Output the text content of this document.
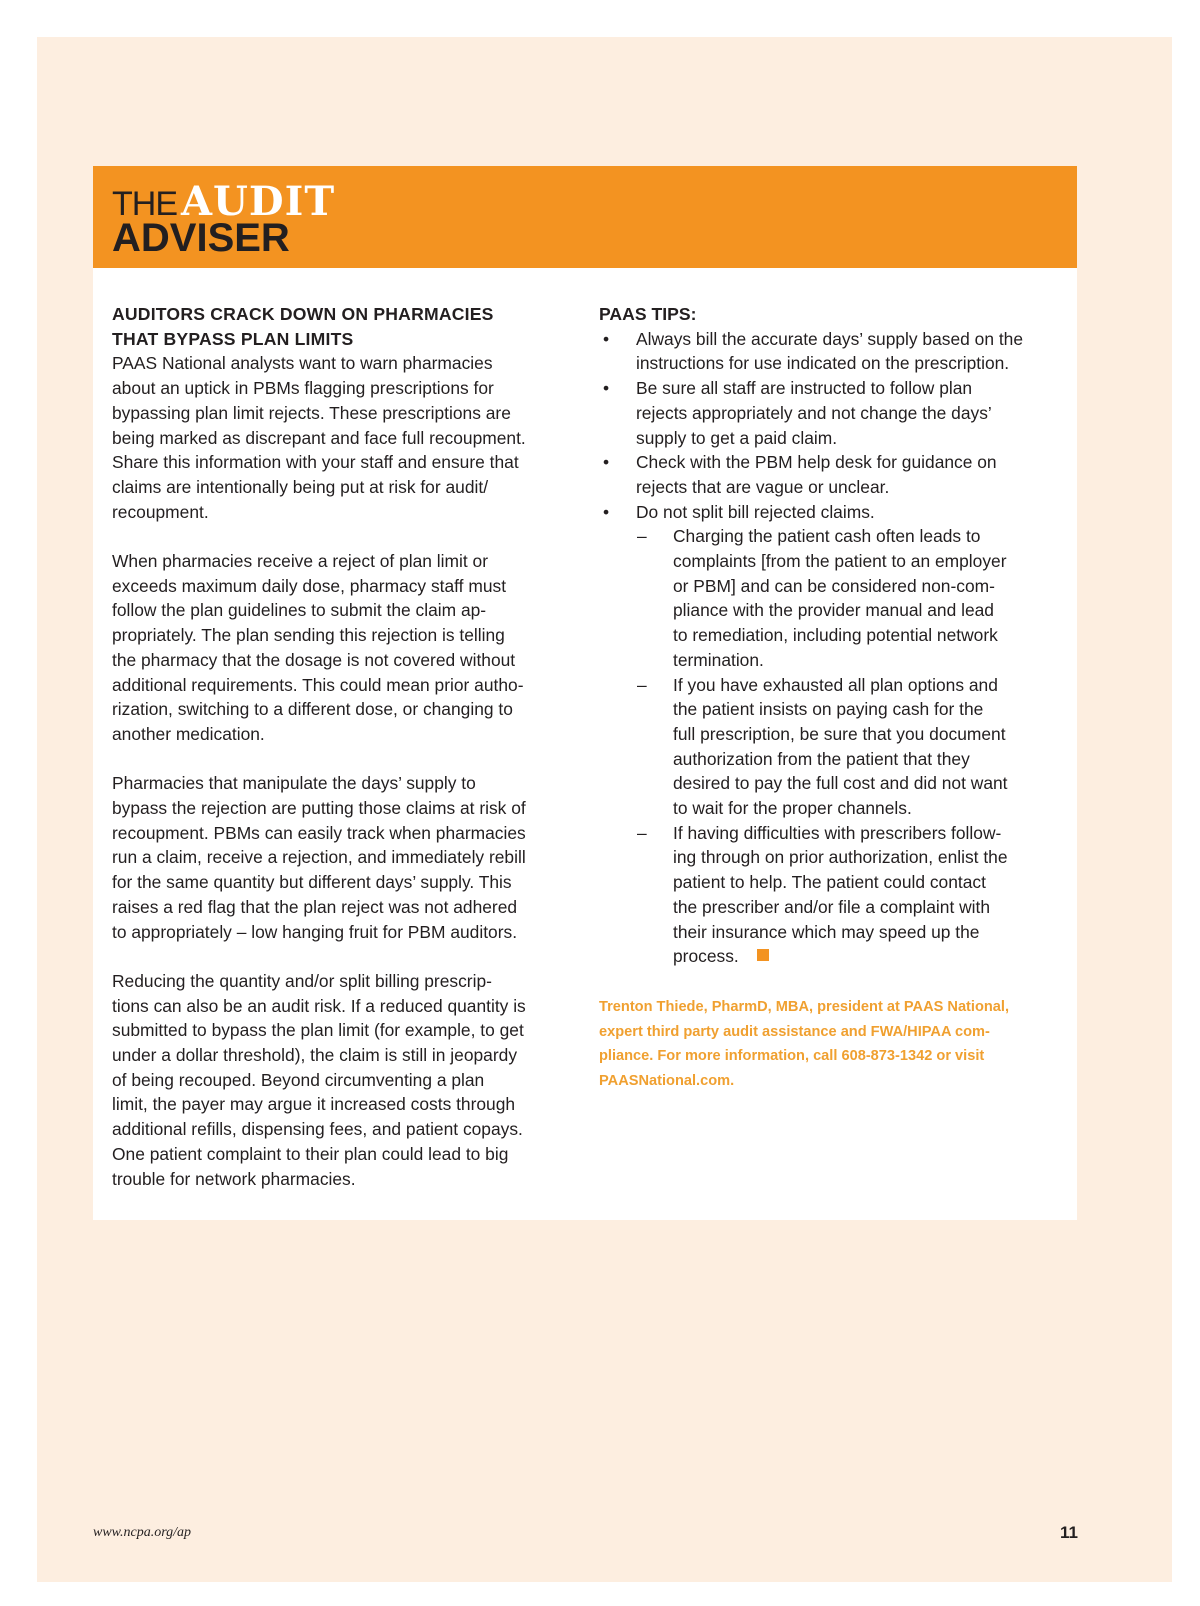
THE AUDIT
ADVISER

AUDITORS CRACK DOWN ON PHARMACIES
THAT BYPASS PLAN LIMITS

PAAS National analysts want to warn pharmacies
about an uptick in PBMs flagging prescriptions for
bypassing plan limit rejects. These prescriptions are
being marked as discrepant and face full recoupment.
Share this information with your staff and ensure that
claims are intentionally being put at risk for audit/
recoupment.

When pharmacies receive a reject of plan limit or
exceeds maximum daily dose, pharmacy staff must
follow the plan guidelines to submit the claim ap-
propriately. The plan sending this rejection is telling
the pharmacy that the dosage is not covered without
additional requirements. This could mean prior autho-
rization, switching to a different dose, or changing to
another medication.

Pharmacies that manipulate the days’ supply to
bypass the rejection are putting those claims at risk of
recoupment. PBMs can easily track when pharmacies
run a claim, receive a rejection, and immediately rebill
for the same quantity but different days’ supply. This
raises a red flag that the plan reject was not adhered
to appropriately – low hanging fruit for PBM auditors.

Reducing the quantity and/or split billing prescrip-
tions can also be an audit risk. If a reduced quantity is
submitted to bypass the plan limit (for example, to get
under a dollar threshold), the claim is still in jeopardy
of being recouped. Beyond circumventing a plan
limit, the payer may argue it increased costs through
additional refills, dispensing fees, and patient copays.
One patient complaint to their plan could lead to big
trouble for network pharmacies.

PAAS TIPS:

• Always bill the accurate days’ supply based on the
instructions for use indicated on the prescription.
• Be sure all staff are instructed to follow plan
rejects appropriately and not change the days’
supply to get a paid claim.
• Check with the PBM help desk for guidance on
rejects that are vague or unclear.
• Do not split bill rejected claims.
– Charging the patient cash often leads to
complaints [from the patient to an employer
or PBM] and can be considered non-com-
pliance with the provider manual and lead
to remediation, including potential network
termination.
– If you have exhausted all plan options and
the patient insists on paying cash for the
full prescription, be sure that you document
authorization from the patient that they
desired to pay the full cost and did not want
to wait for the proper channels.
– If having difficulties with prescribers follow-
ing through on prior authorization, enlist the
patient to help. The patient could contact
the prescriber and/or file a complaint with
their insurance which may speed up the
process.
Trenton Thiede, PharmD, MBA, president at PAAS National,
expert third party audit assistance and FWA/HIPAA com-
pliance. For more information, call 608-873-1342 or visit
PAASNational.com.
www.ncpa.org/ap	11
